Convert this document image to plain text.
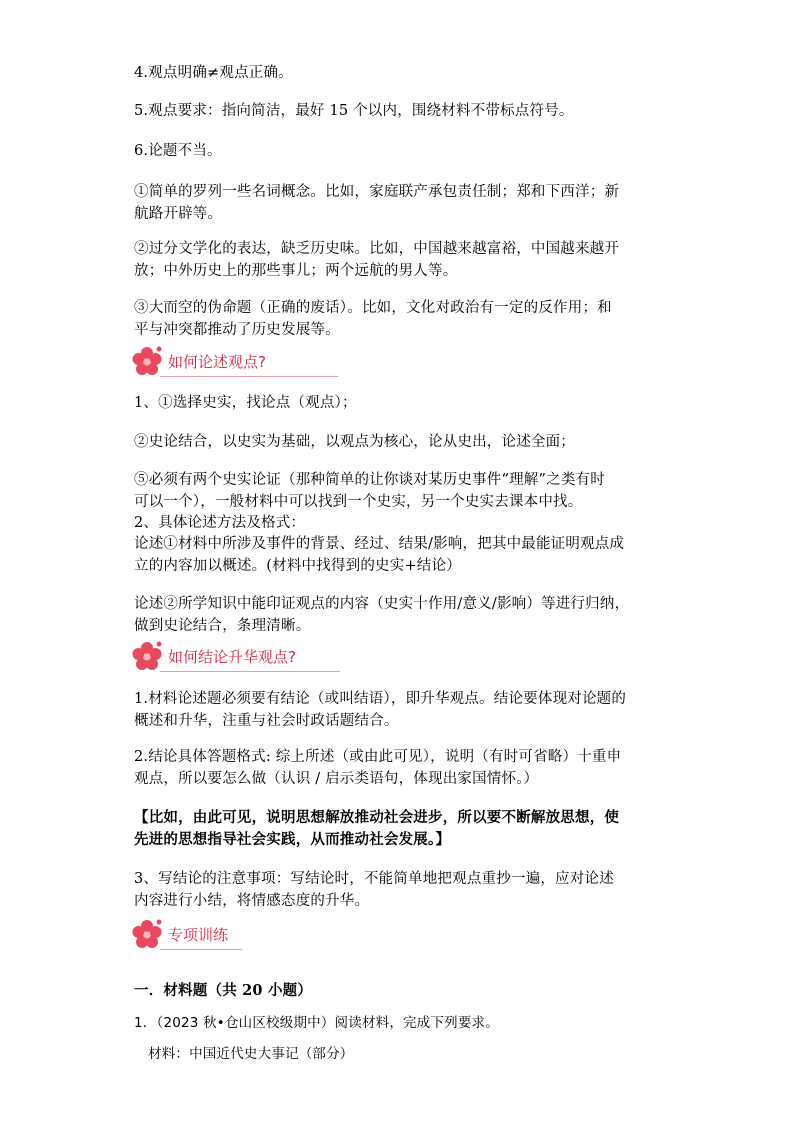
4.观点明确≠观点正确。
5.观点要求：指向简洁，最好 15 个以内，围绕材料不带标点符号。
6.论题不当。
①简单的罗列一些名词概念。比如，家庭联产承包责任制；郑和下西洋；新
航路开辟等。
②过分文学化的表达，缺乏历史味。比如，中国越来越富裕，中国越来越开
放；中外历史上的那些事儿；两个远航的男人等。
③大而空的伪命题（正确的废话）。比如，文化对政治有一定的反作用；和
平与冲突都推动了历史发展等。
如何论述观点?
1、①选择史实，找论点（观点）；
②史论结合，以史实为基础，以观点为核心，论从史出，论述全面；
⑤必须有两个史实论证（那种简单的让你谈对某历史事件“理解”之类有时
可以一个），一般材料中可以找到一个史实，另一个史实去课本中找。
2、具体论述方法及格式：
论述①材料中所涉及事件的背景、经过、结果/影响，把其中最能证明观点成
立的内容加以概述。(材料中找得到的史实+结论）
论述②所学知识中能印证观点的内容（史实十作用/意义/影响）等进行归纳，
做到史论结合，条理清晰。
如何结论升华观点?
1.材料论述题必须要有结论（或叫结语），即升华观点。结论要体现对论题的
概述和升华，注重与社会时政话题结合。
2.结论具体答题格式: 综上所述（或由此可见），说明（有时可省略）十重申
观点，所以要怎么做（认识 / 启示类语句，体现出家国情怀。）
【比如，由此可见，说明思想解放推动社会进步，所以要不断解放思想，使
先进的思想指导社会实践，从而推动社会发展。】
3、写结论的注意事项：写结论时，不能简单地把观点重抄一遍，应对论述
内容进行小结，将情感态度的升华。
专项训练
一．材料题（共 20 小题）
1．（2023 秋•仓山区校级期中）阅读材料，完成下列要求。
材料：中国近代史大事记（部分）
